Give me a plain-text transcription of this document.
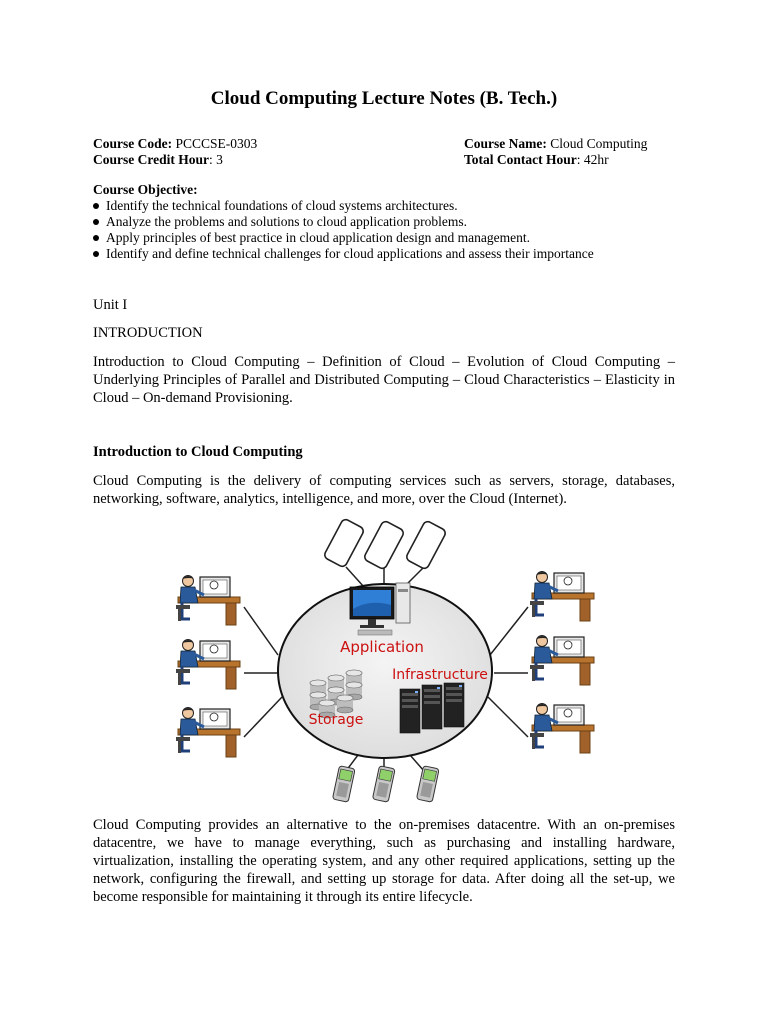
Cloud Computing Lecture Notes (B. Tech.)
Course Code: PCCCSE-0303	Course Name: Cloud Computing
Course Credit Hour: 3	Total Contact Hour: 42hr
Course Objective:
Identify the technical foundations of cloud systems architectures.
Analyze the problems and solutions to cloud application problems.
Apply principles of best practice in cloud application design and management.
Identify and define technical challenges for cloud applications and assess their importance
Unit I
INTRODUCTION
Introduction to Cloud Computing – Definition of Cloud – Evolution of Cloud Computing – Underlying Principles of Parallel and Distributed Computing – Cloud Characteristics – Elasticity in Cloud – On-demand Provisioning.
Introduction to Cloud Computing
Cloud Computing is the delivery of computing services such as servers, storage, databases, networking, software, analytics, intelligence, and more, over the Cloud (Internet).
Application
Storage
Infrastructure
Cloud Computing provides an alternative to the on-premises datacentre. With an on-premises datacentre, we have to manage everything, such as purchasing and installing hardware, virtualization, installing the operating system, and any other required applications, setting up the network, configuring the firewall, and setting up storage for data. After doing all the set-up, we become responsible for maintaining it through its entire lifecycle.
